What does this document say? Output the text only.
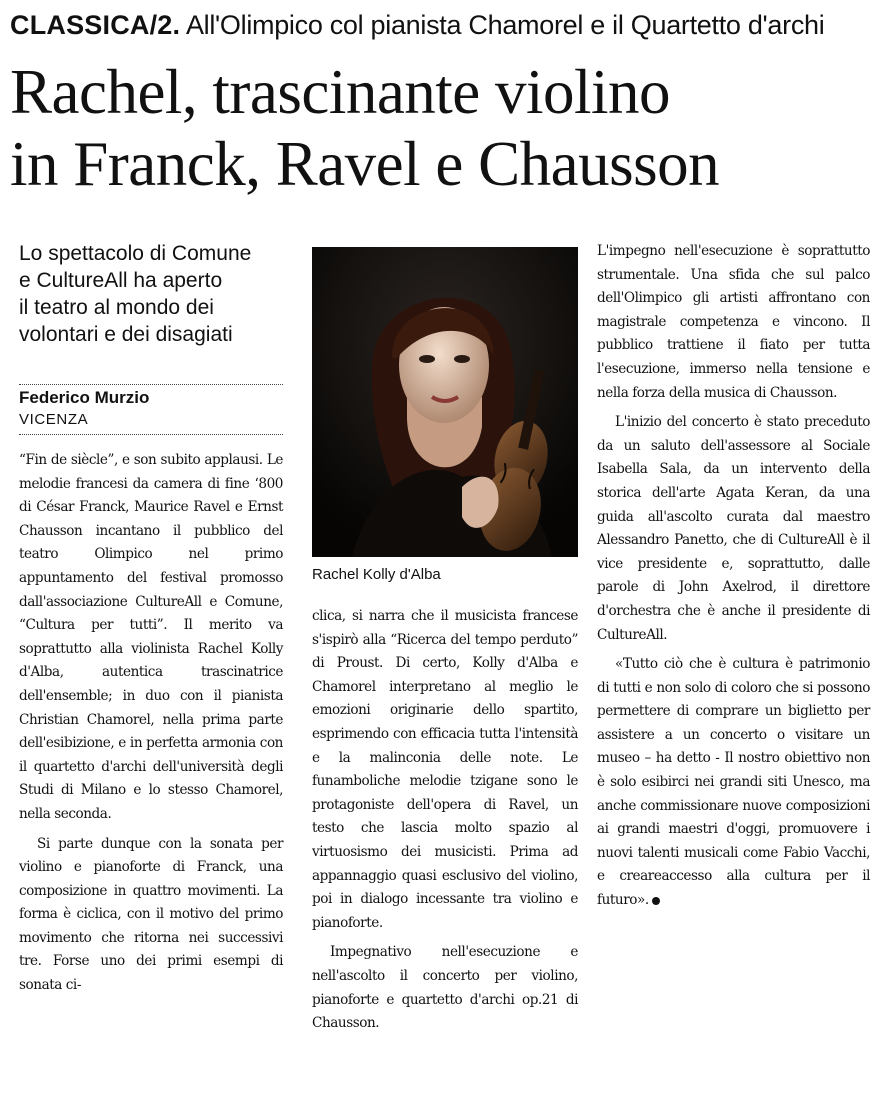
CLASSICA/2. All'Olimpico col pianista Chamorel e il Quartetto d'archi
Rachel, trascinante violino
in Franck, Ravel e Chausson
Lo spettacolo di Comune
e CultureAll ha aperto
il teatro al mondo dei
volontari e dei disagiati
Federico Murzio
VICENZA
Rachel Kolly d'Alba

“Fin de siècle”, e son subito applausi. Le melodie francesi da camera di fine ‘800 di César Franck, Maurice Ravel e Ernst Chausson incantano il pubblico del teatro Olimpico nel primo appuntamento del festival promosso dall'associazione CultureAll e Comune, “Cultura per tutti”. Il merito va soprattutto alla violinista Rachel Kolly d'Alba, autentica trascinatrice dell'ensemble; in duo con il pianista Christian Chamorel, nella prima parte dell'esibizione, e in perfetta armonia con il quartetto d'archi dell'università degli Studi di Milano e lo stesso Chamorel, nella seconda.

Si parte dunque con la sonata per violino e pianoforte di Franck, una composizione in quattro movimenti. La forma è ciclica, con il motivo del primo movimento che ritorna nei successivi tre. Forse uno dei primi esempi di sonata ci-

clica, si narra che il musicista francese s'ispirò alla “Ricerca del tempo perduto” di Proust. Di certo, Kolly d'Alba e Chamorel interpretano al meglio le emozioni originarie dello spartito, esprimendo con efficacia tutta l'intensità e la malinconia delle note. Le funamboliche melodie tzigane sono le protagoniste dell'opera di Ravel, un testo che lascia molto spazio al virtuosismo dei musicisti. Prima ad appannaggio quasi esclusivo del violino, poi in dialogo incessante tra violino e pianoforte.

Impegnativo nell'esecuzione e nell'ascolto il concerto per violino, pianoforte e quartetto d'archi op.21 di Chausson.

L'impegno nell'esecuzione è soprattutto strumentale. Una sfida che sul palco dell'Olimpico gli artisti affrontano con magistrale competenza e vincono. Il pubblico trattiene il fiato per tutta l'esecuzione, immerso nella tensione e nella forza della musica di Chausson.

L'inizio del concerto è stato preceduto da un saluto dell'assessore al Sociale Isabella Sala, da un intervento della storica dell'arte Agata Keran, da una guida all'ascolto curata dal maestro Alessandro Panetto, che di CultureAll è il vice presidente e, soprattutto, dalle parole di John Axelrod, il direttore d'orchestra che è anche il presidente di CultureAll.

«Tutto ciò che è cultura è patrimonio di tutti e non solo di coloro che si possono permettere di comprare un biglietto per assistere a un concerto o visitare un museo – ha detto - Il nostro obiettivo non è solo esibirci nei grandi siti Unesco, ma anche commissionare nuove composizioni ai grandi maestri d'oggi, promuovere i nuovi talenti musicali come Fabio Vacchi, e creareaccesso alla cultura per il futuro».
